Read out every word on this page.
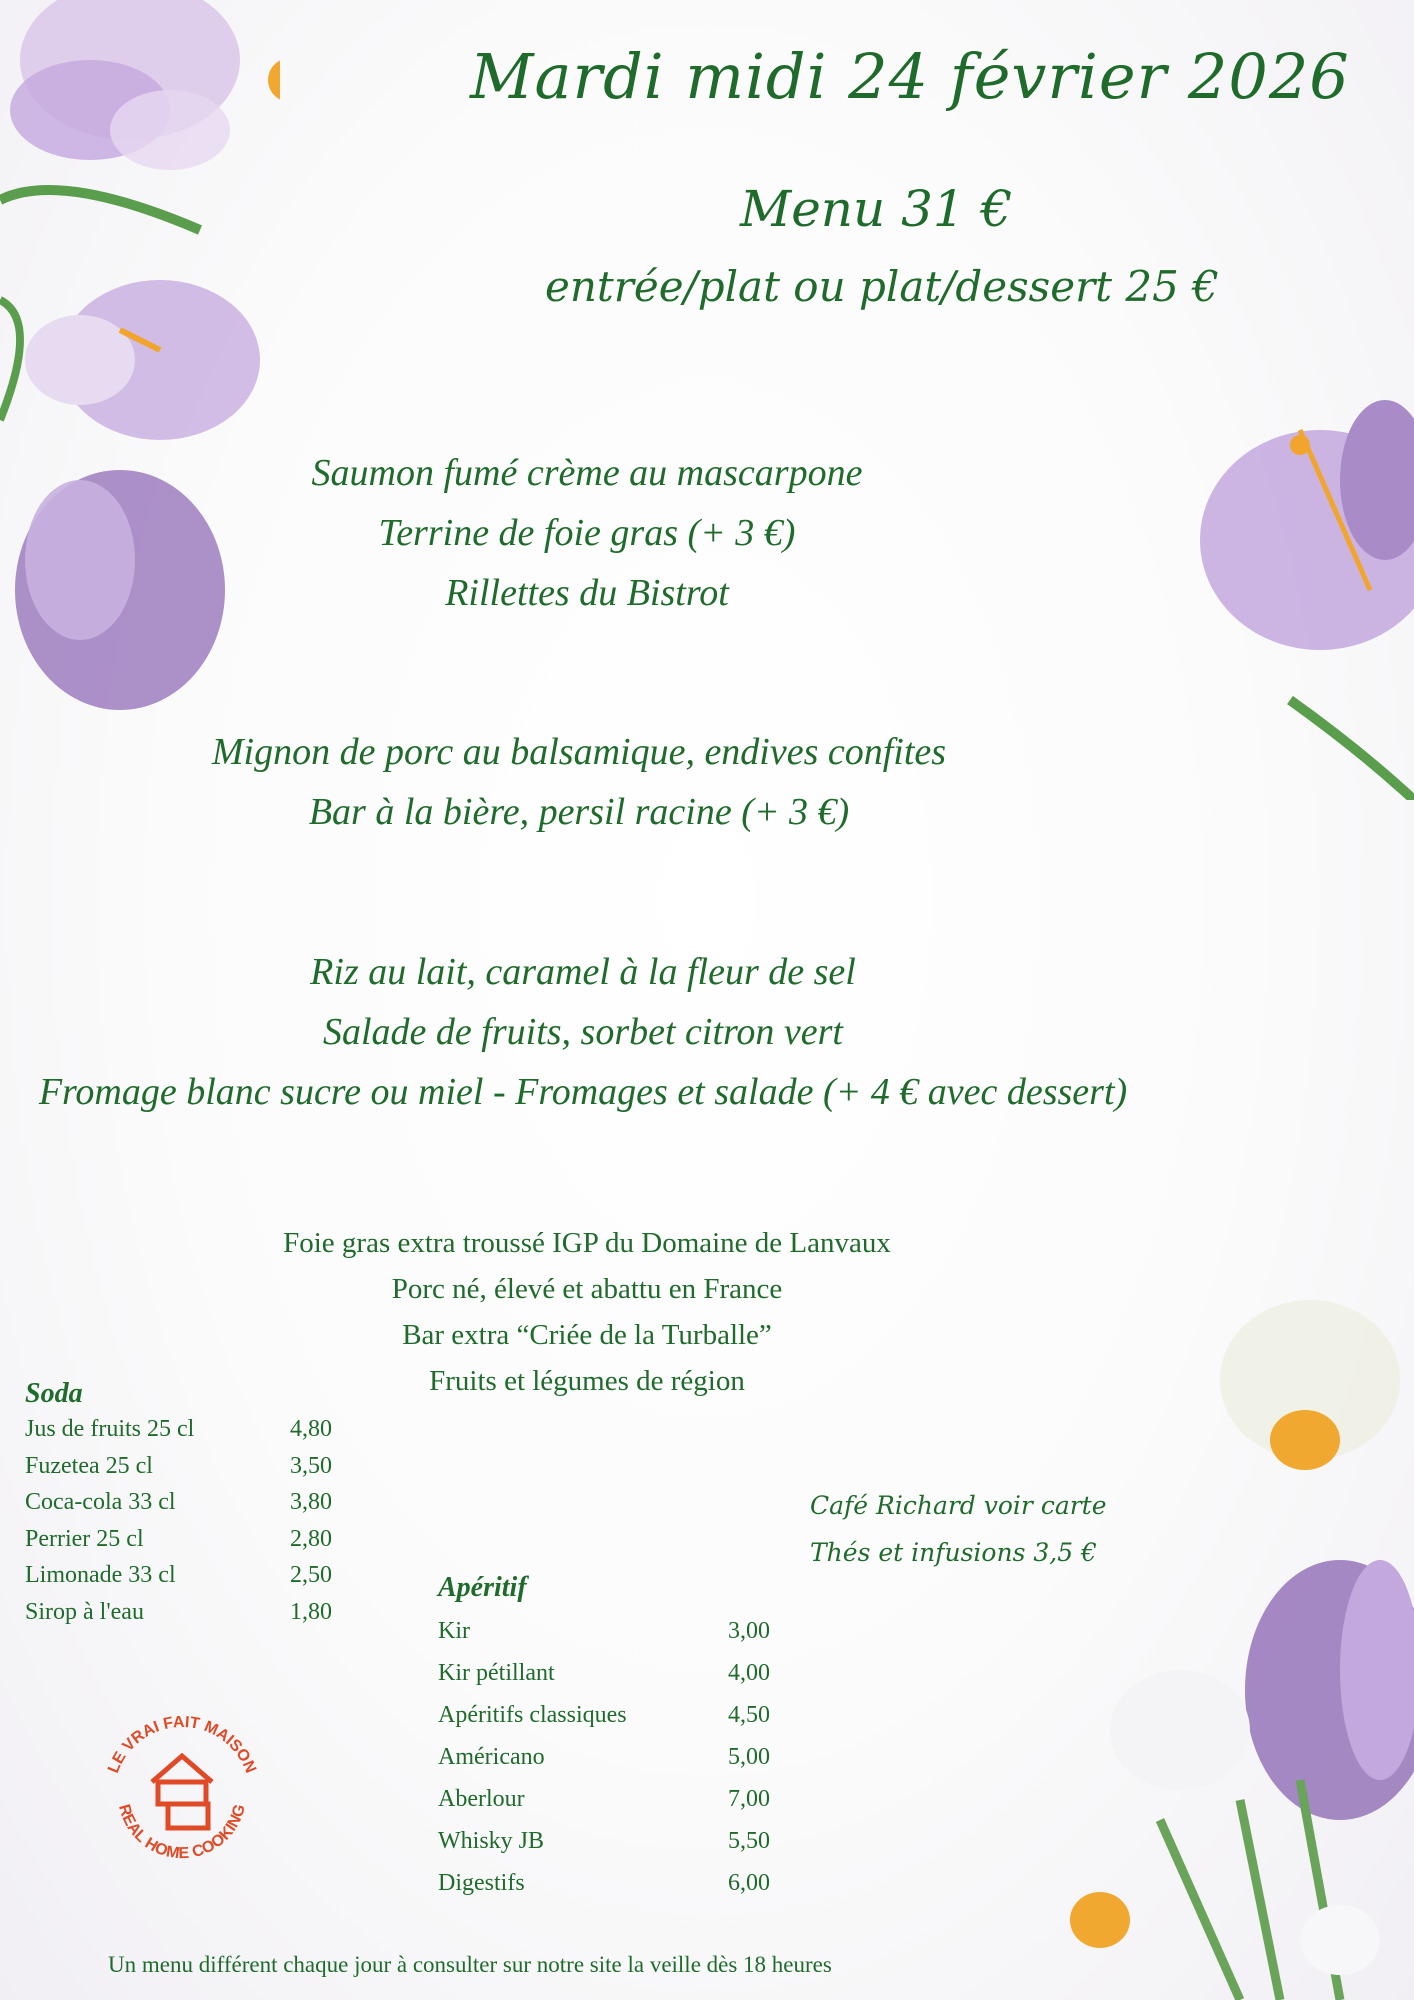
Mardi midi 24 février 2026
Menu 31 €
entrée/plat ou plat/dessert 25 €
Saumon fumé crème au mascarpone
Terrine de foie gras (+ 3 €)
Rillettes du Bistrot
Mignon de porc au balsamique, endives confites
Bar à la bière, persil racine (+ 3 €)
Riz au lait, caramel à la fleur de sel
Salade de fruits, sorbet citron vert
Fromage blanc sucre ou miel - Fromages et salade (+ 4 € avec dessert)
Foie gras extra troussé IGP du Domaine de Lanvaux
Porc né, élevé et abattu en France
Bar extra “Criée de la Turballe”
Fruits et légumes de région
Soda
Jus de fruits 25 cl	4,80
Fuzetea 25 cl	3,50
Coca-cola 33 cl	3,80
Perrier 25 cl	2,80
Limonade 33 cl	2,50
Sirop à l'eau	1,80
Café Richard voir carte
Thés et infusions 3,5 €
Apéritif
Kir	3,00
Kir pétillant	4,00
Apéritifs classiques	4,50
Américano	5,00
Aberlour	7,00
Whisky JB	5,50
Digestifs	6,00
LE VRAI FAIT MAISON
REAL HOME COOKING
Un menu différent chaque jour à consulter sur notre site la veille dès 18 heures
